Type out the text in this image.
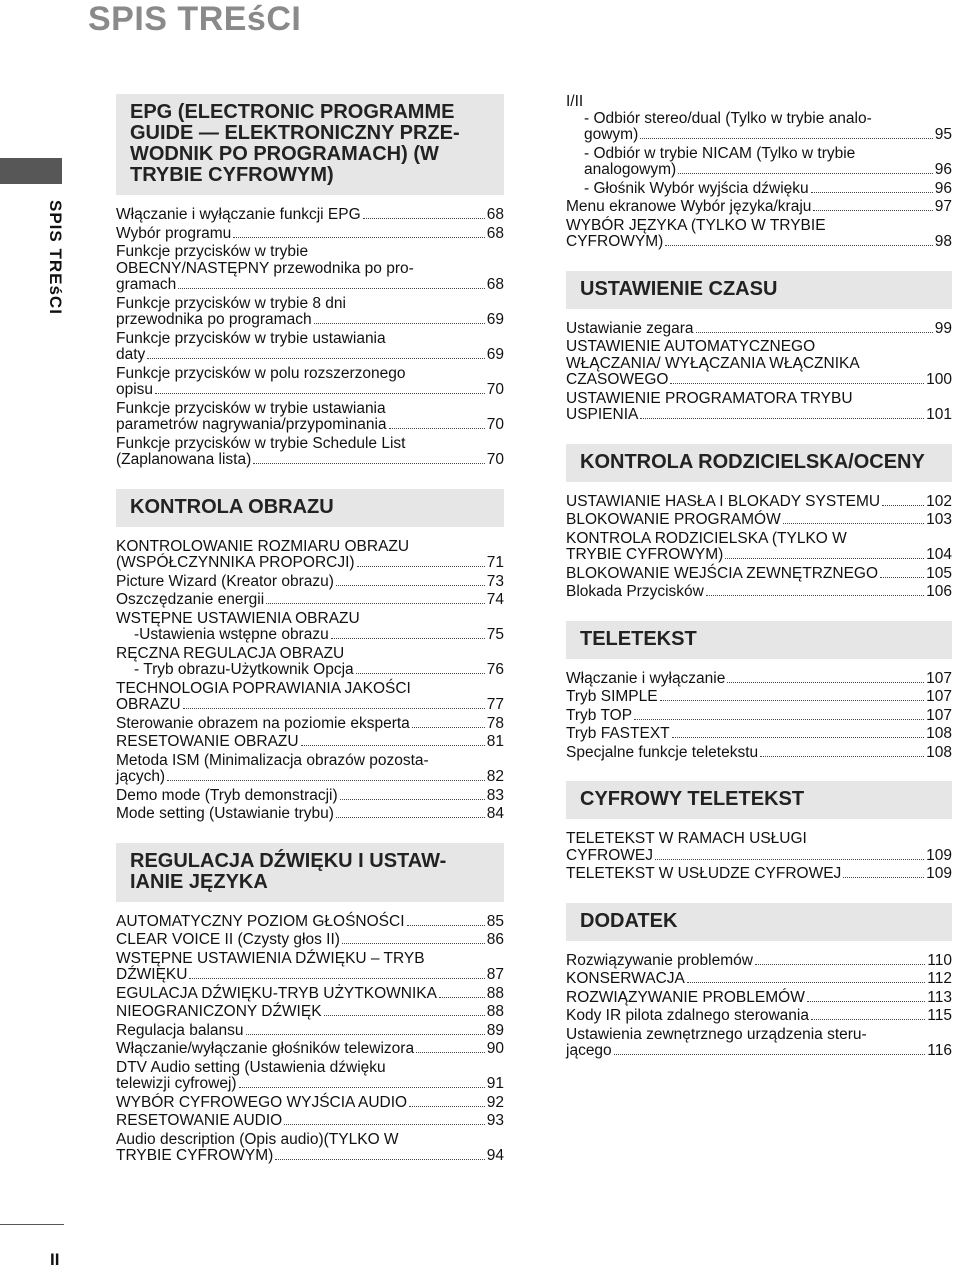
SPIS TREśCI
SPIS TREśCI
II
EPG (ELECTRONIC PROGRAMME GUIDE — ELEKTRONICZNY PRZE-WODNIK PO PROGRAMACH) (W TRYBIE CYFROWYM)
Włączanie i wyłączanie funkcji EPG	68
Wybór programu	68
Funkcje przycisków w trybie
OBECNY/NASTĘPNY przewodnika po pro-
gramach	68
Funkcje przycisków w trybie 8 dni
przewodnika po programach	69
Funkcje przycisków w trybie ustawiania
daty	69
Funkcje przycisków w polu rozszerzonego
opisu	70
Funkcje przycisków w trybie ustawiania
parametrów nagrywania/przypominania	70
Funkcje przycisków w trybie Schedule List
(Zaplanowana lista)	70
KONTROLA OBRAZU
KONTROLOWANIE ROZMIARU OBRAZU
(WSPÓŁCZYNNIKA PROPORCJI)	71
Picture Wizard (Kreator obrazu)	73
Oszczędzanie energii	74
WSTĘPNE USTAWIENIA OBRAZU
-Ustawienia wstępne obrazu	75
RĘCZNA REGULACJA OBRAZU
- Tryb obrazu-Użytkownik Opcja	76
TECHNOLOGIA POPRAWIANIA JAKOŚCI
OBRAZU	77
Sterowanie obrazem na poziomie eksperta	78
RESETOWANIE OBRAZU	81
Metoda ISM (Minimalizacja obrazów pozosta-
jących)	82
Demo mode (Tryb demonstracji)	83
Mode setting (Ustawianie trybu)	84
REGULACJA DŹWIĘKU I USTAW-IANIE JĘZYKA
AUTOMATYCZNY POZIOM GŁOŚNOŚCI	85
CLEAR VOICE II (Czysty głos II)	86
WSTĘPNE USTAWIENIA DŹWIĘKU – TRYB
DŹWIĘKU	87
EGULACJA DŹWIĘKU-TRYB UŻYTKOWNIKA	88
NIEOGRANICZONY DŹWIĘK	88
Regulacja balansu	89
Włączanie/wyłączanie głośników telewizora	90
DTV Audio setting (Ustawienia dźwięku
telewizji cyfrowej)	91
WYBÓR CYFROWEGO WYJŚCIA AUDIO	92
RESETOWANIE AUDIO	93
Audio description (Opis audio)(TYLKO W
TRYBIE CYFROWYM)	94
I/II
- Odbiór stereo/dual (Tylko w trybie analo-
gowym)	95
- Odbiór w trybie NICAM (Tylko w trybie
analogowym)	96
- Głośnik Wybór wyjścia dźwięku	96
Menu ekranowe Wybór języka/kraju	97
WYBÓR JĘZYKA (TYLKO W TRYBIE
CYFROWYM)	98
USTAWIENIE CZASU
Ustawianie zegara	99
USTAWIENIE AUTOMATYCZNEGO
WŁĄCZANIA/ WYŁĄCZANIA WŁĄCZNIKA
CZASOWEGO	100
USTAWIENIE PROGRAMATORA TRYBU
USPIENIA	101
KONTROLA RODZICIELSKA/OCENY
USTAWIANIE HASŁA I BLOKADY SYSTEMU	102
BLOKOWANIE PROGRAMÓW	103
KONTROLA RODZICIELSKA (TYLKO W
TRYBIE CYFROWYM)	104
BLOKOWANIE WEJŚCIA ZEWNĘTRZNEGO	105
Blokada Przycisków	106
TELETEKST
Włączanie i wyłączanie	107
Tryb SIMPLE	107
Tryb TOP	107
Tryb FASTEXT	108
Specjalne funkcje teletekstu	108
CYFROWY TELETEKST
TELETEKST W RAMACH USŁUGI
CYFROWEJ	109
TELETEKST W USŁUDZE CYFROWEJ	109
DODATEK
Rozwiązywanie problemów	110
KONSERWACJA	112
ROZWIĄZYWANIE PROBLEMÓW	113
Kody IR pilota zdalnego sterowania	115
Ustawienia zewnętrznego urządzenia steru-
jącego	116
